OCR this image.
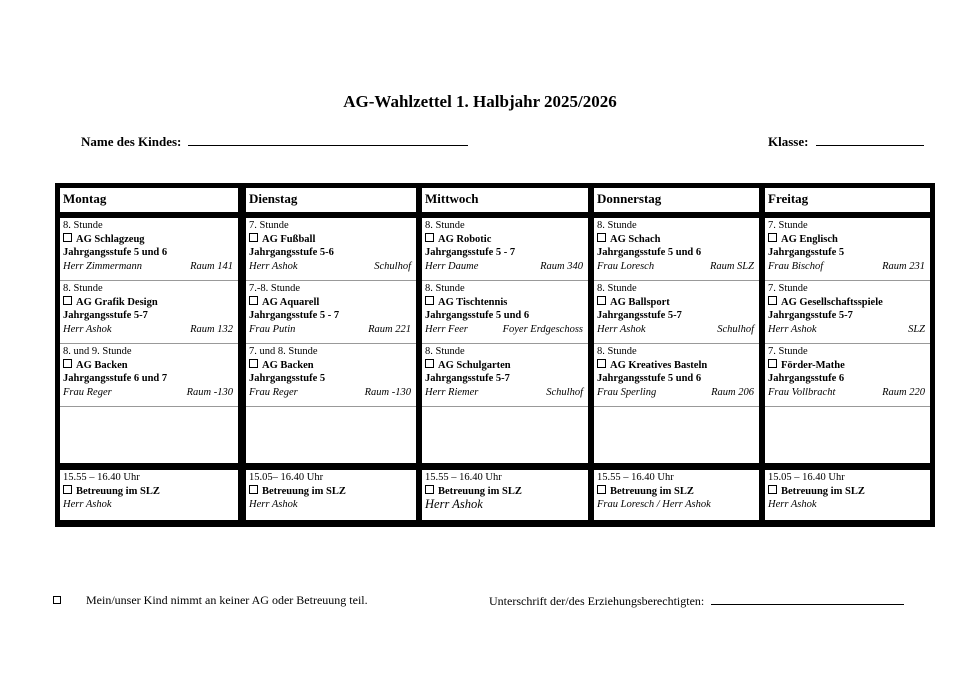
AG-Wahlzettel 1. Halbjahr 2025/2026
Name des Kindes:	Klasse:
Montag
8. Stunde
AG Schlagzeug
Jahrgangsstufe 5 und 6
Herr Zimmermann	Raum 141
8. Stunde
AG Grafik Design
Jahrgangsstufe 5-7
Herr Ashok	Raum 132
8. und 9. Stunde
AG Backen
Jahrgangsstufe 6 und 7
Frau Reger	Raum -130
15.55 – 16.40 Uhr
Betreuung im SLZ
Herr Ashok
Dienstag
7. Stunde
AG Fußball
Jahrgangsstufe 5-6
Herr Ashok	Schulhof
7.-8. Stunde
AG Aquarell
Jahrgangsstufe 5 - 7
Frau Putin	Raum 221
7. und 8. Stunde
AG Backen
Jahrgangsstufe 5
Frau Reger	Raum -130
15.05– 16.40 Uhr
Betreuung im SLZ
Herr Ashok
Mittwoch
8. Stunde
AG Robotic
Jahrgangsstufe 5 - 7
Herr Daume	Raum 340
8. Stunde
AG Tischtennis
Jahrgangsstufe 5 und 6
Herr Feer	Foyer Erdgeschoss
8. Stunde
AG Schulgarten
Jahrgangsstufe 5-7
Herr Riemer	Schulhof
15.55 – 16.40 Uhr
Betreuung im SLZ
Herr Ashok
Donnerstag
8. Stunde
AG Schach
Jahrgangsstufe 5 und 6
Frau Loresch	Raum SLZ
8. Stunde
AG Ballsport
Jahrgangsstufe 5-7
Herr Ashok	Schulhof
8. Stunde
AG Kreatives Basteln
Jahrgangsstufe 5 und 6
Frau Sperling	Raum 206
15.55 – 16.40 Uhr
Betreuung im SLZ
Frau Loresch / Herr Ashok
Freitag
7. Stunde
AG Englisch
Jahrgangsstufe 5
Frau Bischof	Raum 231
7. Stunde
AG Gesellschaftsspiele
Jahrgangsstufe 5-7
Herr Ashok	SLZ
7. Stunde
Förder-Mathe
Jahrgangsstufe 6
Frau Vollbracht	Raum 220
15.05 – 16.40 Uhr
Betreuung im SLZ
Herr Ashok
Mein/unser Kind nimmt an keiner AG oder Betreuung teil.	Unterschrift der/des Erziehungsberechtigten:
